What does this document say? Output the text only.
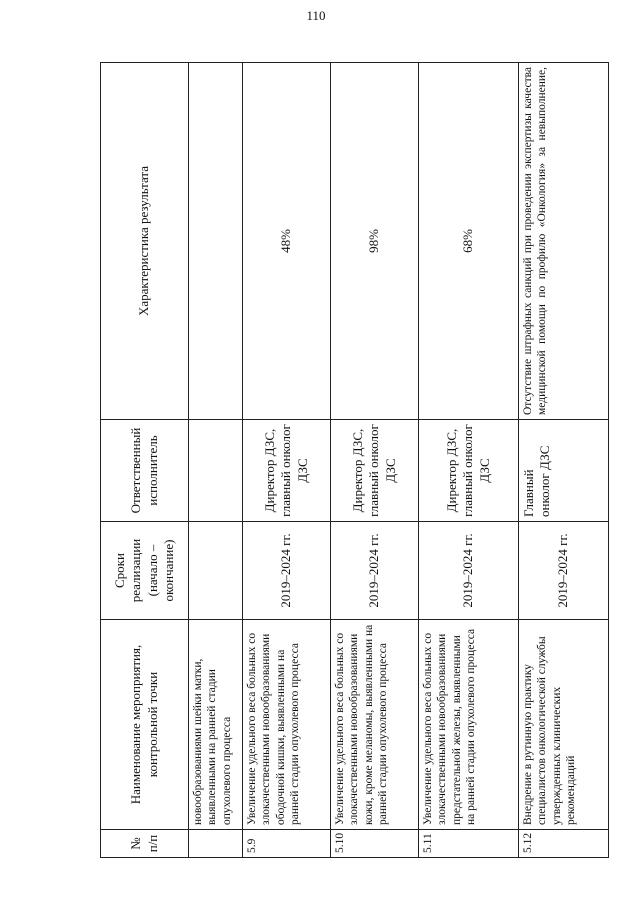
110
№ п/п	Наименование мероприятия, контрольной точки	Сроки реализации (начало – окончание)	Ответственный исполнитель	Характеристика результата
	новообразованиями шейки матки, выявленными на ранней стадии опухолевого процесса			
5.9	Увеличение удельного веса больных со злокачественными новообразованиями ободочной кишки, выявленными на ранней стадии опухолевого процесса	2019–2024 гг.	Директор ДЗС, главный онколог ДЗС	48%
5.10	Увеличение удельного веса больных со злокачественными новообразованиями кожи, кроме меланомы, выявленными на ранней стадии опухолевого процесса	2019–2024 гг.	Директор ДЗС, главный онколог ДЗС	98%
5.11	Увеличение удельного веса больных со злокачественными новообразованиями предстательной железы, выявленными на ранней стадии опухолевого процесса	2019–2024 гг.	Директор ДЗС, главный онколог ДЗС	68%
5.12	Внедрение в рутинную практику специалистов онкологической службы утвержденных клинических рекомендаций	2019–2024 гг.	Главный онколог ДЗС	Отсутствие штрафных санкций при проведении экспертизы качества медицинской помощи по профилю «Онкология» за невыполнение,
